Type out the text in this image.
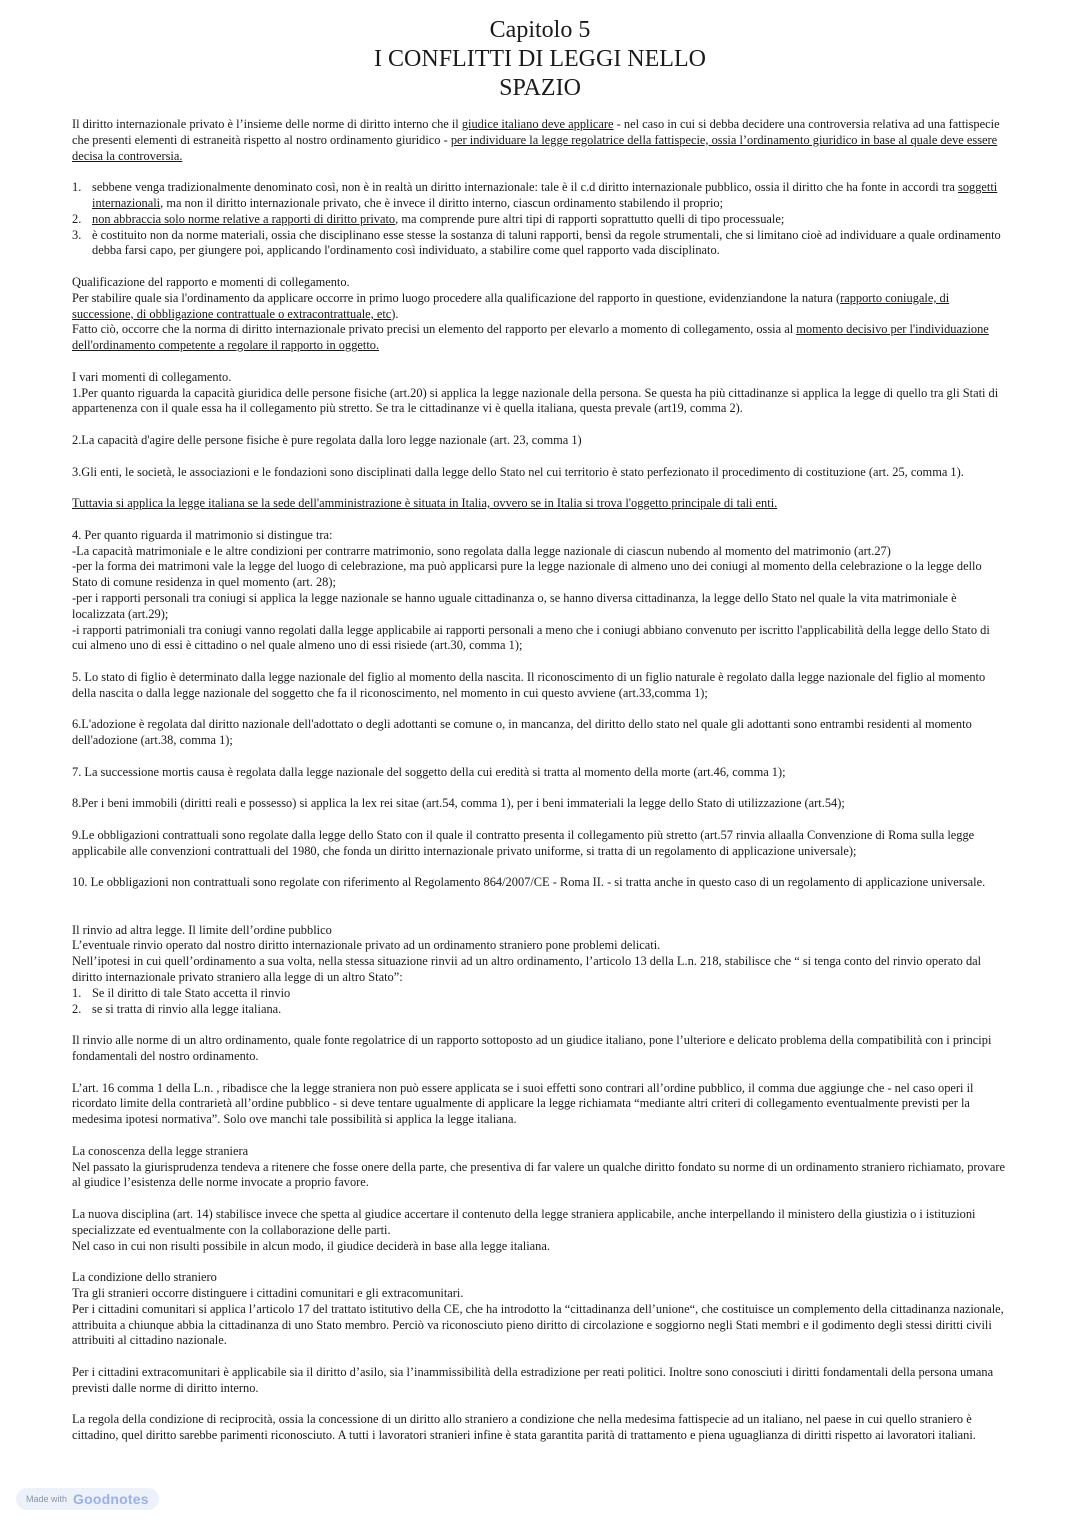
Capitolo 5
I CONFLITTI DI LEGGI NELLO
SPAZIO

Il diritto internazionale privato è l’insieme delle norme di diritto interno che il giudice italiano deve applicare - nel caso in cui si debba decidere una controversia relativa ad una fattispecie che presenti elementi di estraneità rispetto al nostro ordinamento giuridico - per individuare la legge regolatrice della fattispecie, ossia l’ordinamento giuridico in base al quale deve essere decisa la controversia.

1. sebbene venga tradizionalmente denominato così, non è in realtà un diritto internazionale: tale è il c.d diritto internazionale pubblico, ossia il diritto che ha fonte in accordi tra soggetti internazionali, ma non il diritto internazionale privato, che è invece il diritto interno, ciascun ordinamento stabilendo il proprio;
2. non abbraccia solo norme relative a rapporti di diritto privato, ma comprende pure altri tipi di rapporti soprattutto quelli di tipo processuale;
3. è costituito non da norme materiali, ossia che disciplinano esse stesse la sostanza di taluni rapporti, bensì da regole strumentali, che si limitano cioè ad individuare a quale ordinamento debba farsi capo, per giungere poi, applicando l'ordinamento così individuato, a stabilire come quel rapporto vada disciplinato.

Qualificazione del rapporto e momenti di collegamento.

Per stabilire quale sia l'ordinamento da applicare occorre in primo luogo procedere alla qualificazione del rapporto in questione, evidenziandone la natura (rapporto coniugale, di successione, di obbligazione contrattuale o extracontrattuale, etc).

Fatto ciò, occorre che la norma di diritto internazionale privato precisi un elemento del rapporto per elevarlo a momento di collegamento, ossia al momento decisivo per l'individuazione dell'ordinamento competente a regolare il rapporto in oggetto.

I vari momenti di collegamento.

1.Per quanto riguarda la capacità giuridica delle persone fisiche (art.20) si applica la legge nazionale della persona. Se questa ha più cittadinanze si applica la legge di quello tra gli Stati di appartenenza con il quale essa ha il collegamento più stretto. Se tra le cittadinanze vi è quella italiana, questa prevale (art19, comma 2).

2.La capacità d'agire delle persone fisiche è pure regolata dalla loro legge nazionale (art. 23, comma 1)

3.Gli enti, le società, le associazioni e le fondazioni sono disciplinati dalla legge dello Stato nel cui territorio è stato perfezionato il procedimento di costituzione (art. 25, comma 1).

Tuttavia si applica la legge italiana se la sede dell'amministrazione è situata in Italia, ovvero se in Italia si trova l'oggetto principale di tali enti.

4. Per quanto riguarda il matrimonio si distingue tra:

-La capacità matrimoniale e le altre condizioni per contrarre matrimonio, sono regolata dalla legge nazionale di ciascun nubendo al momento del matrimonio (art.27)

-per la forma dei matrimoni vale la legge del luogo di celebrazione, ma può applicarsi pure la legge nazionale di almeno uno dei coniugi al momento della celebrazione o la legge dello Stato di comune residenza in quel momento (art. 28);

-per i rapporti personali tra coniugi si applica la legge nazionale se hanno uguale cittadinanza o, se hanno diversa cittadinanza, la legge dello Stato nel quale la vita matrimoniale è localizzata (art.29);

-i rapporti patrimoniali tra coniugi vanno regolati dalla legge applicabile ai rapporti personali a meno che i coniugi abbiano convenuto per iscritto l'applicabilità della legge dello Stato di cui almeno uno di essi è cittadino o nel quale almeno uno di essi risiede (art.30, comma 1);

5. Lo stato di figlio è determinato dalla legge nazionale del figlio al momento della nascita. Il riconoscimento di un figlio naturale è regolato dalla legge nazionale del figlio al momento della nascita o dalla legge nazionale del soggetto che fa il riconoscimento, nel momento in cui questo avviene (art.33,comma 1);

6.L'adozione è regolata dal diritto nazionale dell'adottato o degli adottanti se comune o, in mancanza, del diritto dello stato nel quale gli adottanti sono entrambi residenti al momento dell'adozione (art.38, comma 1);

7. La successione mortis causa è regolata dalla legge nazionale del soggetto della cui eredità si tratta al momento della morte (art.46, comma 1);

8.Per i beni immobili (diritti reali e possesso) si applica la lex rei sitae (art.54, comma 1), per i beni immateriali la legge dello Stato di utilizzazione (art.54);

9.Le obbligazioni contrattuali sono regolate dalla legge dello Stato con il quale il contratto presenta il collegamento più stretto (art.57 rinvia allaalla Convenzione di Roma sulla legge applicabile alle convenzioni contrattuali del 1980, che fonda un diritto internazionale privato uniforme, si tratta di un regolamento di applicazione universale);

10. Le obbligazioni non contrattuali sono regolate con riferimento al Regolamento 864/2007/CE - Roma II. - si tratta anche in questo caso di un regolamento di applicazione universale.

Il rinvio ad altra legge. Il limite dell’ordine pubblico

L’eventuale rinvio operato dal nostro diritto internazionale privato ad un ordinamento straniero pone problemi delicati.

Nell’ipotesi in cui quell’ordinamento a sua volta, nella stessa situazione rinvii ad un altro ordinamento, l’articolo 13 della L.n. 218, stabilisce che “ si tenga conto del rinvio operato dal diritto internazionale privato straniero alla legge di un altro Stato”:

1. Se il diritto di tale Stato accetta il rinvio
2. se si tratta di rinvio alla legge italiana.

Il rinvio alle norme di un altro ordinamento, quale fonte regolatrice di un rapporto sottoposto ad un giudice italiano, pone l’ulteriore e delicato problema della compatibilità con i principi fondamentali del nostro ordinamento.

L’art. 16 comma 1 della L.n. , ribadisce che la legge straniera non può essere applicata se i suoi effetti sono contrari all’ordine pubblico, il comma due aggiunge che - nel caso operi il ricordato limite della contrarietà all’ordine pubblico - si deve tentare ugualmente di applicare la legge richiamata “mediante altri criteri di collegamento eventualmente previsti per la medesima ipotesi normativa”. Solo ove manchi tale possibilità si applica la legge italiana.

La conoscenza della legge straniera

Nel passato la giurisprudenza tendeva a ritenere che fosse onere della parte, che presentiva di far valere un qualche diritto fondato su norme di un ordinamento straniero richiamato, provare al giudice l’esistenza delle norme invocate a proprio favore.

La nuova disciplina (art. 14) stabilisce invece che spetta al giudice accertare il contenuto della legge straniera applicabile, anche interpellando il ministero della giustizia o i istituzioni specializzate ed eventualmente con la collaborazione delle parti.

Nel caso in cui non risulti possibile in alcun modo, il giudice deciderà in base alla legge italiana.

La condizione dello straniero

Tra gli stranieri occorre distinguere i cittadini comunitari e gli extracomunitari.

Per i cittadini comunitari si applica l’articolo 17 del trattato istitutivo della CE, che ha introdotto la “cittadinanza dell’unione“, che costituisce un complemento della cittadinanza nazionale, attribuita a chiunque abbia la cittadinanza di uno Stato membro. Perciò va riconosciuto pieno diritto di circolazione e soggiorno negli Stati membri e il godimento degli stessi diritti civili attribuiti al cittadino nazionale.

Per i cittadini extracomunitari è applicabile sia il diritto d’asilo, sia l’inammissibilità della estradizione per reati politici. Inoltre sono conosciuti i diritti fondamentali della persona umana previsti dalle norme di diritto interno.

La regola della condizione di reciprocità, ossia la concessione di un diritto allo straniero a condizione che nella medesima fattispecie ad un italiano, nel paese in cui quello straniero è cittadino, quel diritto sarebbe parimenti riconosciuto. A tutti i lavoratori stranieri infine è stata garantita parità di trattamento e piena uguaglianza di diritti rispetto ai lavoratori italiani.

Made with Goodnotes
